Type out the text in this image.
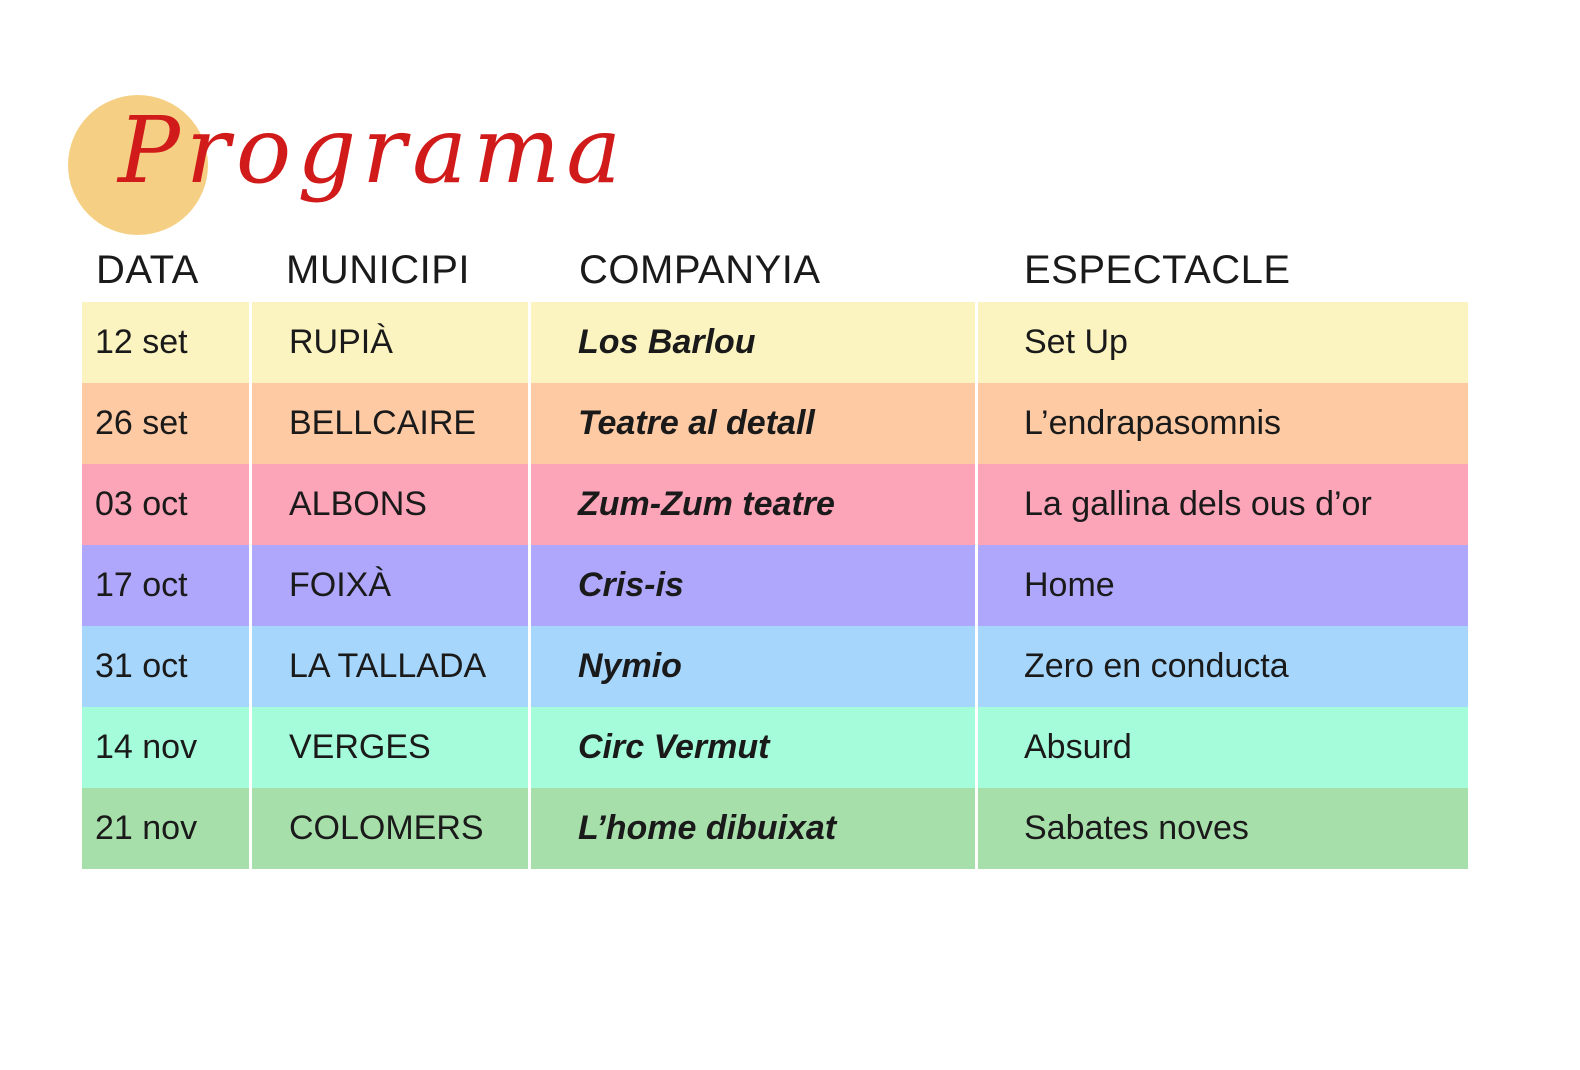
Programa
DATA MUNICIPI	COMPANYIA	ESPECTACLE
12 set	RUPIÀ	Los Barlou	Set Up
26 set	BELLCAIRE	Teatre al detall	L’endrapasomnis
03 oct	ALBONS	Zum-Zum teatre	La gallina dels ous d’or
17 oct	FOIXÀ	Cris-is	Home
31 oct	LA TALLADA	Nymio	Zero en conducta
14 nov	VERGES	Circ Vermut	Absurd
21 nov	COLOMERS	L’home dibuixat	Sabates noves
